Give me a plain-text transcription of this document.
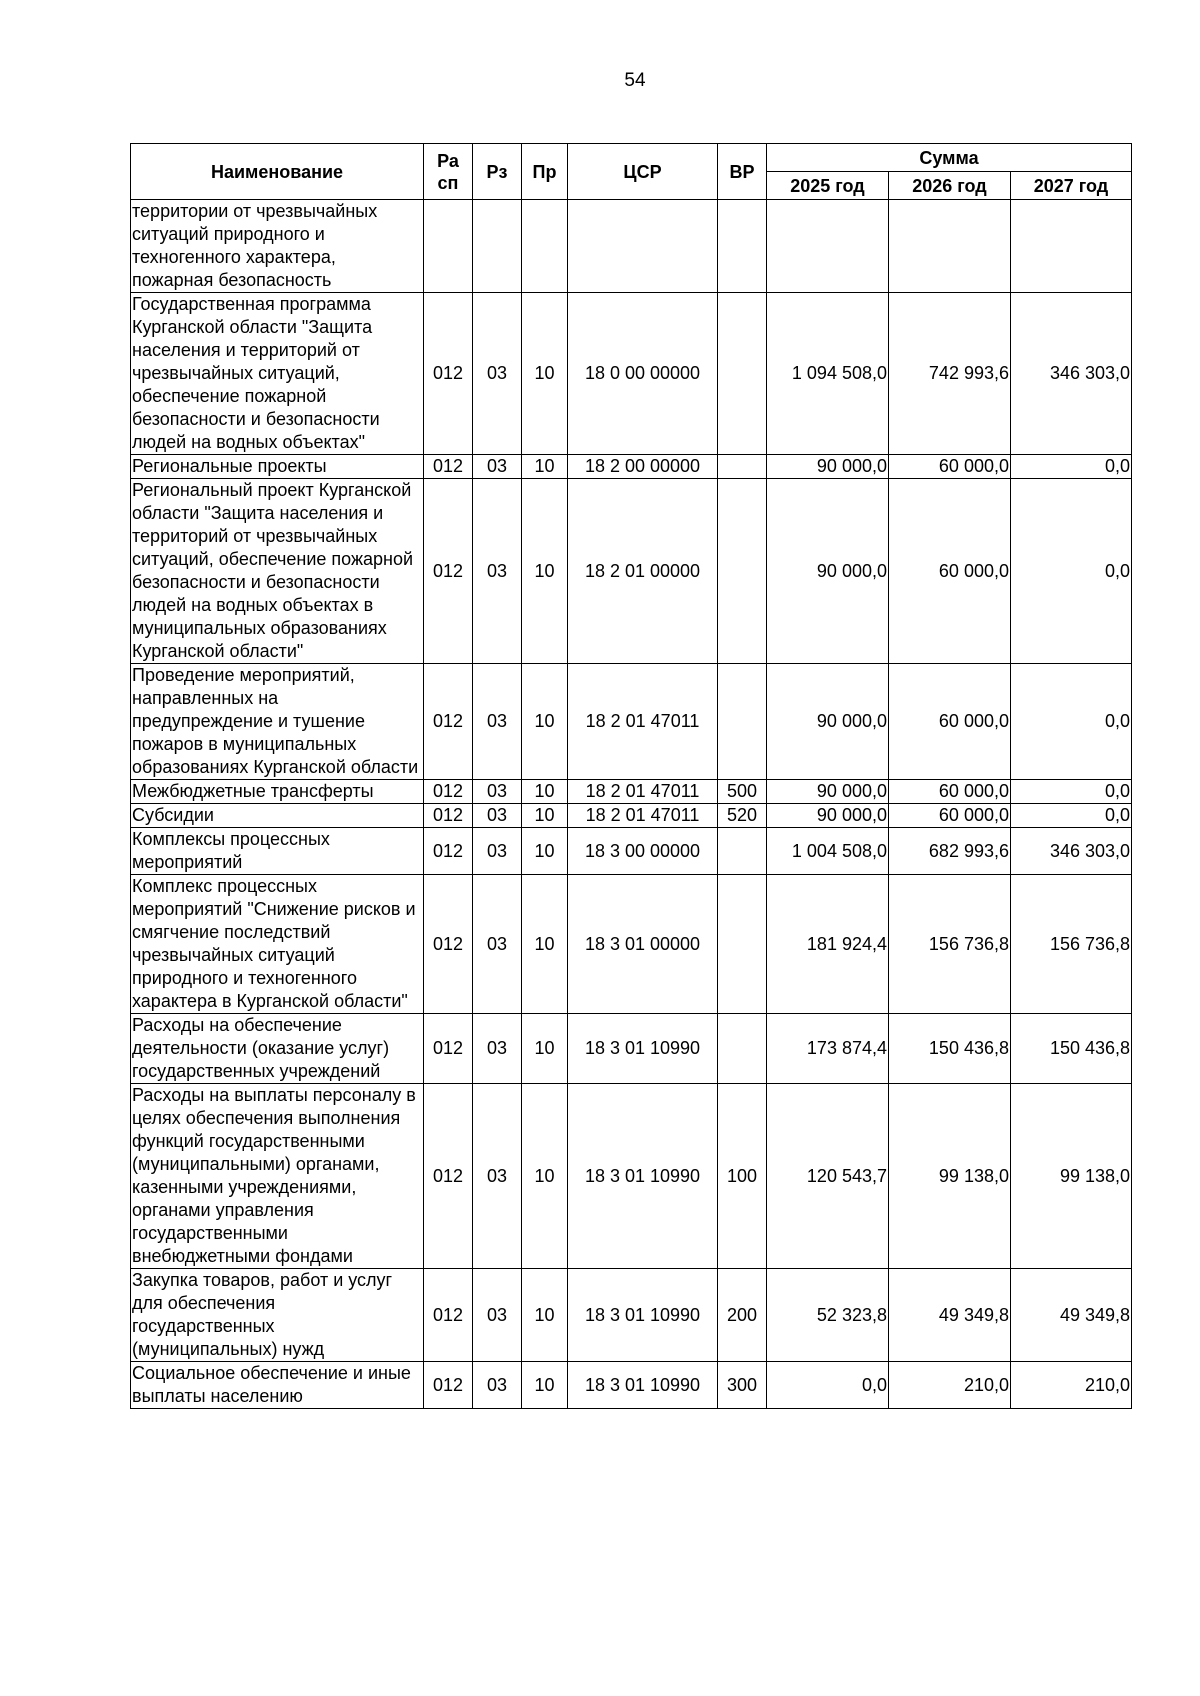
54
Наименование	Ра сп	Рз	Пр	ЦСР	ВР	Сумма		
						2025 год	2026 год	2027 год
территории от чрезвычайных ситуаций природного и техногенного характера, пожарная безопасность								
Государственная программа Курганской области "Защита населения и территорий от чрезвычайных ситуаций, обеспечение пожарной безопасности и безопасности людей на водных объектах"	012	03	10	18 0 00 00000		1 094 508,0	742 993,6	346 303,0
Региональные проекты	012	03	10	18 2 00 00000		90 000,0	60 000,0	0,0
Региональный проект Курганской области "Защита населения и территорий от чрезвычайных ситуаций, обеспечение пожарной безопасности и безопасности людей на водных объектах в муниципальных образованиях Курганской области"	012	03	10	18 2 01 00000		90 000,0	60 000,0	0,0
Проведение мероприятий, направленных на предупреждение и тушение пожаров в муниципальных образованиях Курганской области	012	03	10	18 2 01 47011		90 000,0	60 000,0	0,0
Межбюджетные трансферты	012	03	10	18 2 01 47011	500	90 000,0	60 000,0	0,0
Субсидии	012	03	10	18 2 01 47011	520	90 000,0	60 000,0	0,0
Комплексы процессных мероприятий	012	03	10	18 3 00 00000		1 004 508,0	682 993,6	346 303,0
Комплекс процессных мероприятий "Снижение рисков и смягчение последствий чрезвычайных ситуаций природного и техногенного характера в Курганской области"	012	03	10	18 3 01 00000		181 924,4	156 736,8	156 736,8
Расходы на обеспечение деятельности (оказание услуг) государственных учреждений	012	03	10	18 3 01 10990		173 874,4	150 436,8	150 436,8
Расходы на выплаты персоналу в целях обеспечения выполнения функций государственными (муниципальными) органами, казенными учреждениями, органами управления государственными внебюджетными фондами	012	03	10	18 3 01 10990	100	120 543,7	99 138,0	99 138,0
Закупка товаров, работ и услуг для обеспечения государственных (муниципальных) нужд	012	03	10	18 3 01 10990	200	52 323,8	49 349,8	49 349,8
Социальное обеспечение и иные выплаты населению	012	03	10	18 3 01 10990	300	0,0	210,0	210,0
